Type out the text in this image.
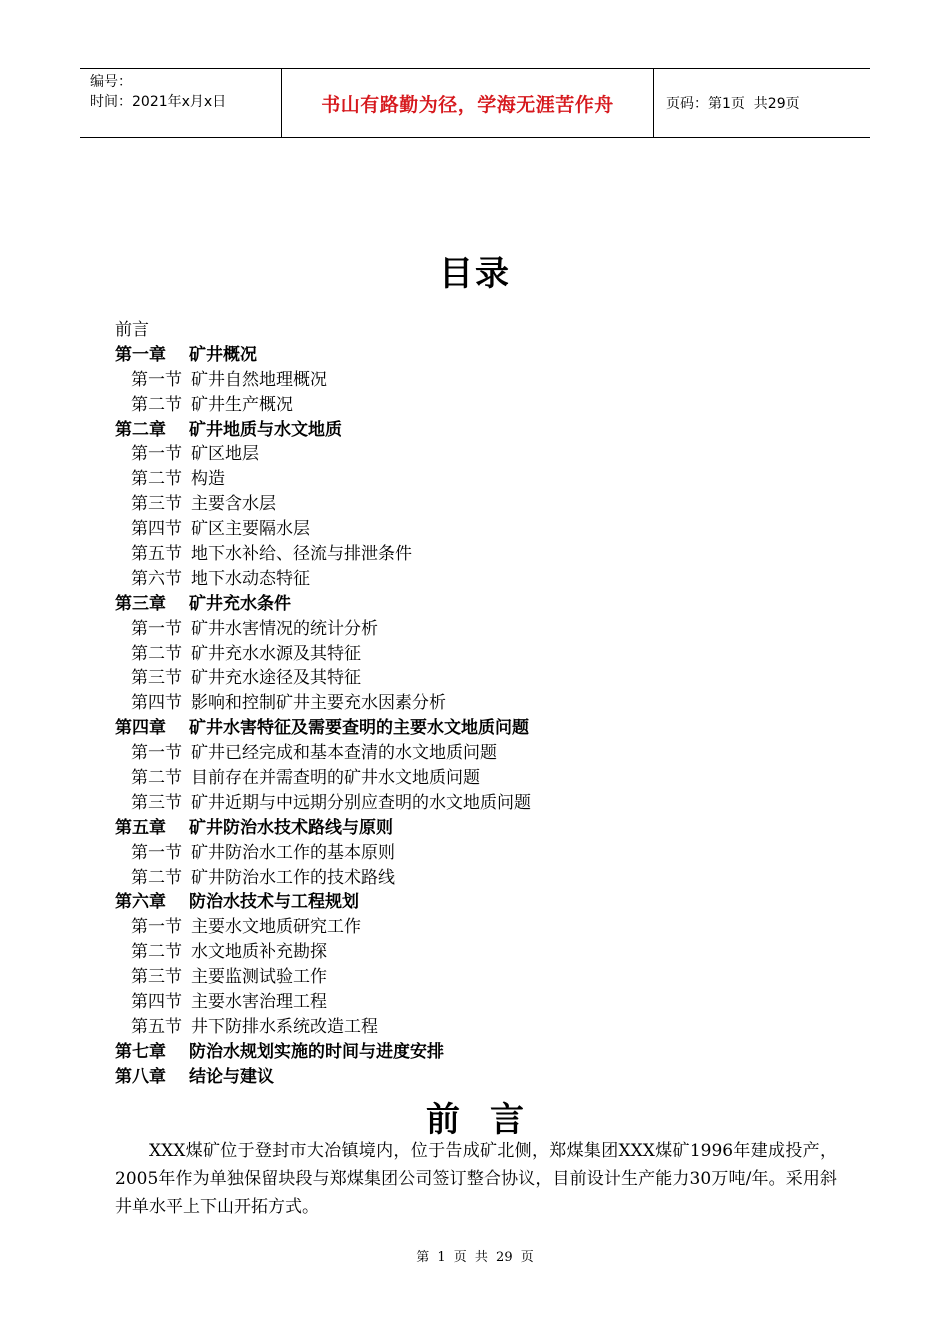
编号：
时间：2021年x月x日	书山有路勤为径，学海无涯苦作舟	页码：第1页  共29页
目录
前言
第一章 矿井概况
第一节 矿井自然地理概况
第二节 矿井生产概况
第二章 矿井地质与水文地质
第一节 矿区地层
第二节 构造
第三节 主要含水层
第四节 矿区主要隔水层
第五节 地下水补给、径流与排泄条件
第六节 地下水动态特征
第三章 矿井充水条件
第一节 矿井水害情况的统计分析
第二节 矿井充水水源及其特征
第三节 矿井充水途径及其特征
第四节 影响和控制矿井主要充水因素分析
第四章 矿井水害特征及需要查明的主要水文地质问题
第一节 矿井已经完成和基本查清的水文地质问题
第二节 目前存在并需查明的矿井水文地质问题
第三节 矿井近期与中远期分别应查明的水文地质问题
第五章 矿井防治水技术路线与原则
第一节 矿井防治水工作的基本原则
第二节 矿井防治水工作的技术路线
第六章 防治水技术与工程规划
第一节 主要水文地质研究工作
第二节 水文地质补充勘探
第三节 主要监测试验工作
第四节 主要水害治理工程
第五节 井下防排水系统改造工程
第七章 防治水规划实施的时间与进度安排
第八章 结论与建议
前言
XXX煤矿位于登封市大冶镇境内，位于告成矿北侧，郑煤集团XXX煤矿1996年建成投产，2005年作为单独保留块段与郑煤集团公司签订整合协议，目前设计生产能力30万吨/年。采用斜井单水平上下山开拓方式。
第 1 页 共 29 页
